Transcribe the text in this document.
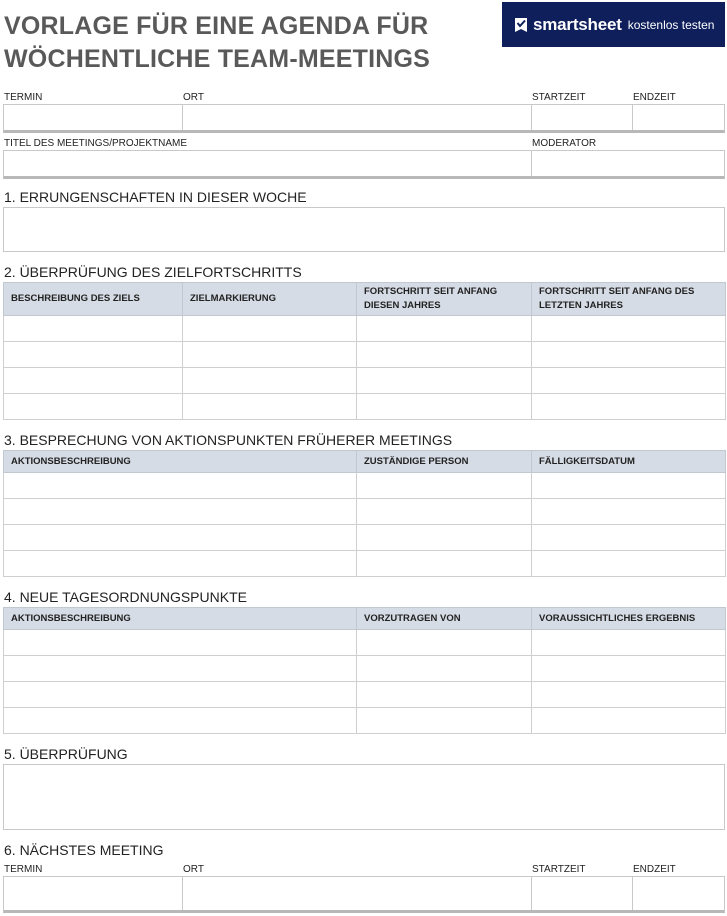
VORLAGE FÜR EINE AGENDA FÜR
WÖCHENTLICHE TEAM-MEETINGS
smartsheet kostenlos testen
TERMIN	ORT	STARTZEIT	ENDZEIT
TITEL DES MEETINGS/PROJEKTNAME	MODERATOR
1. ERRUNGENSCHAFTEN IN DIESER WOCHE
2. ÜBERPRÜFUNG DES ZIELFORTSCHRITTS
BESCHREIBUNG DES ZIELS	ZIELMARKIERUNG	FORTSCHRITT SEIT ANFANG DIESEN JAHRES	FORTSCHRITT SEIT ANFANG DES LETZTEN JAHRES

3. BESPRECHUNG VON AKTIONSPUNKTEN FRÜHERER MEETINGS
AKTIONSBESCHREIBUNG	ZUSTÄNDIGE PERSON	FÄLLIGKEITSDATUM

4. NEUE TAGESORDNUNGSPUNKTE
AKTIONSBESCHREIBUNG	VORZUTRAGEN VON	VORAUSSICHTLICHES ERGEBNIS

5. ÜBERPRÜFUNG
6. NÄCHSTES MEETING
TERMIN	ORT	STARTZEIT	ENDZEIT
